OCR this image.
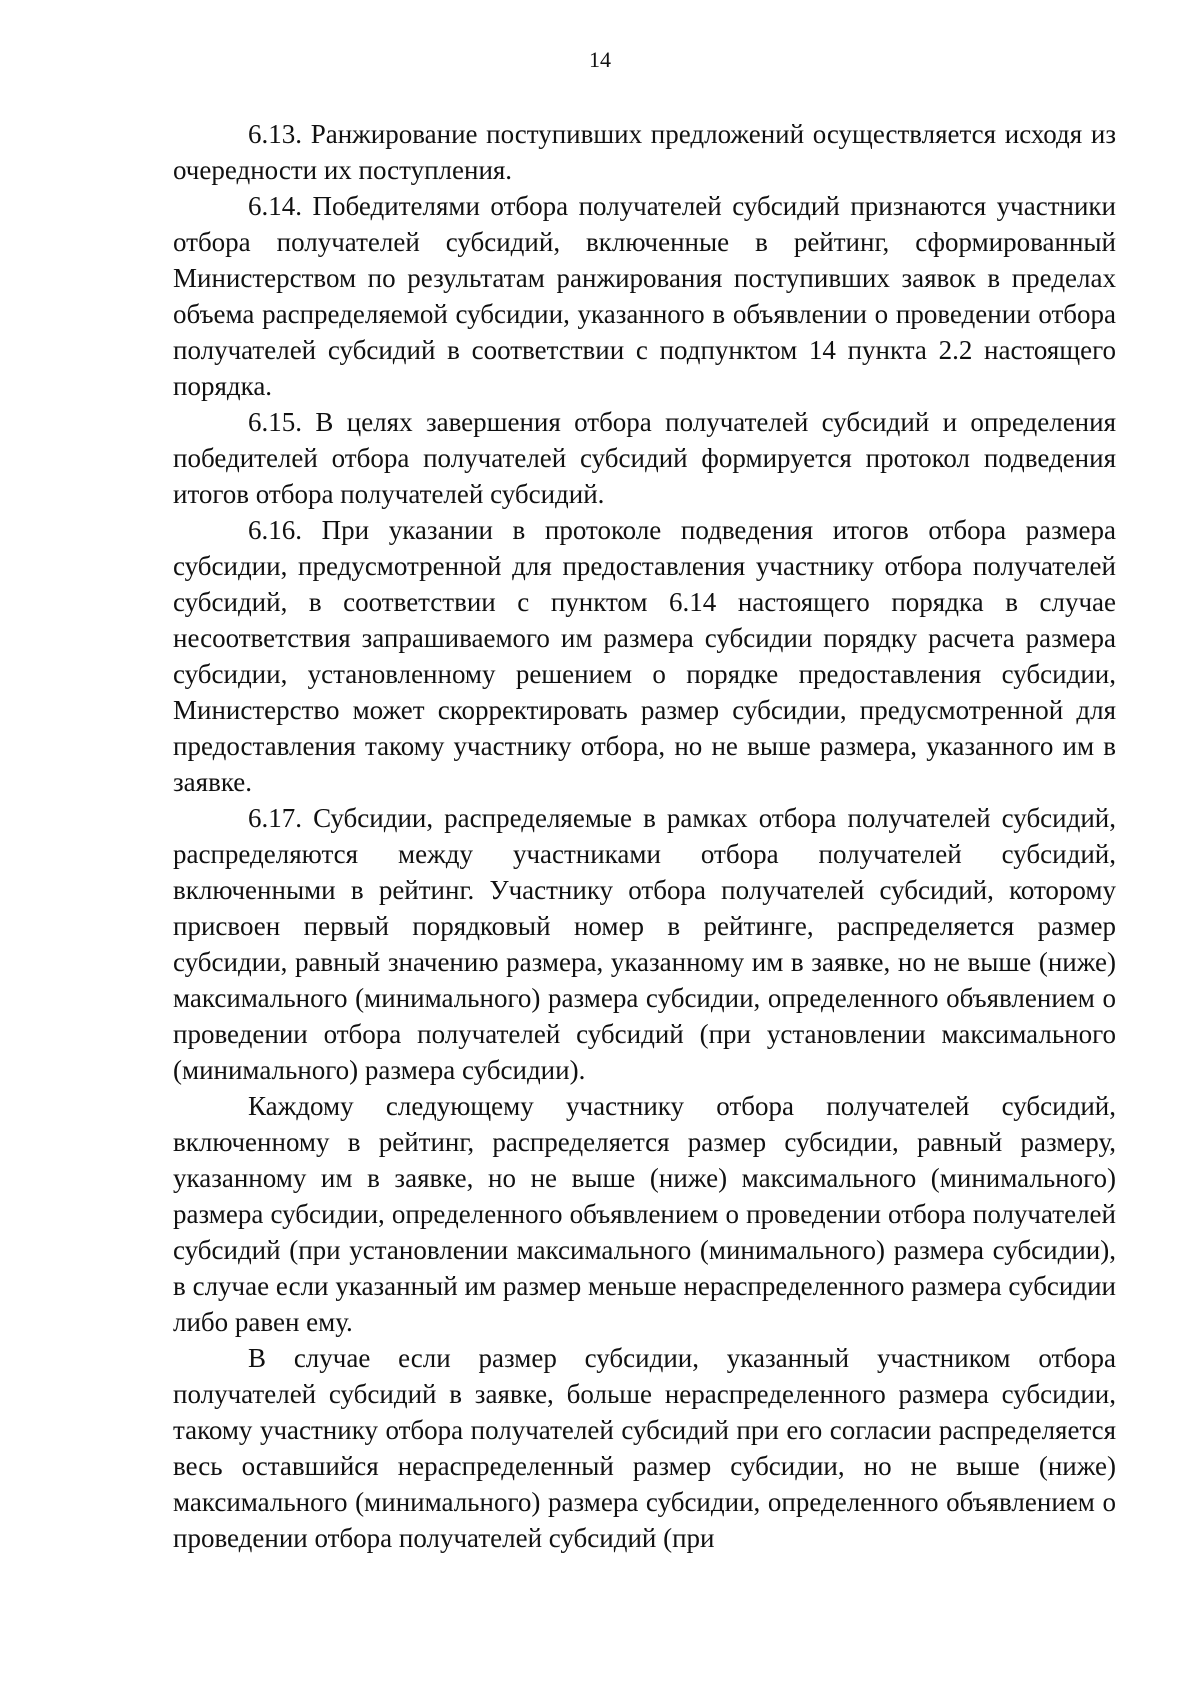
14

6.13. Ранжирование поступивших предложений осуществляется исходя из очередности их поступления.

6.14. Победителями отбора получателей субсидий признаются участники отбора получателей субсидий, включенные в рейтинг, сформированный Министерством по результатам ранжирования поступивших заявок в пределах объема распределяемой субсидии, указанного в объявлении о проведении отбора получателей субсидий в соответствии с подпунктом 14 пункта 2.2 настоящего порядка.

6.15. В целях завершения отбора получателей субсидий и определения победителей отбора получателей субсидий формируется протокол подведения итогов отбора получателей субсидий.

6.16. При указании в протоколе подведения итогов отбора размера субсидии, предусмотренной для предоставления участнику отбора получателей субсидий, в соответствии с пунктом 6.14 настоящего порядка в случае несоответствия запрашиваемого им размера субсидии порядку расчета размера субсидии, установленному решением о порядке предоставления субсидии, Министерство может скорректировать размер субсидии, предусмотренной для предоставления такому участнику отбора, но не выше размера, указанного им в заявке.

6.17. Субсидии, распределяемые в рамках отбора получателей субсидий, распределяются между участниками отбора получателей субсидий, включенными в рейтинг. Участнику отбора получателей субсидий, которому присвоен первый порядковый номер в рейтинге, распределяется размер субсидии, равный значению размера, указанному им в заявке, но не выше (ниже) максимального (минимального) размера субсидии, определенного объявлением о проведении отбора получателей субсидий (при установлении максимального (минимального) размера субсидии).

Каждому следующему участнику отбора получателей субсидий, включенному в рейтинг, распределяется размер субсидии, равный размеру, указанному им в заявке, но не выше (ниже) максимального (минимального) размера субсидии, определенного объявлением о проведении отбора получателей субсидий (при установлении максимального (минимального) размера субсидии), в случае если указанный им размер меньше нераспределенного размера субсидии либо равен ему.

В случае если размер субсидии, указанный участником отбора получателей субсидий в заявке, больше нераспределенного размера субсидии, такому участнику отбора получателей субсидий при его согласии распределяется весь оставшийся нераспределенный размер субсидии, но не выше (ниже) максимального (минимального) размера субсидии, определенного объявлением о проведении отбора получателей субсидий (при
